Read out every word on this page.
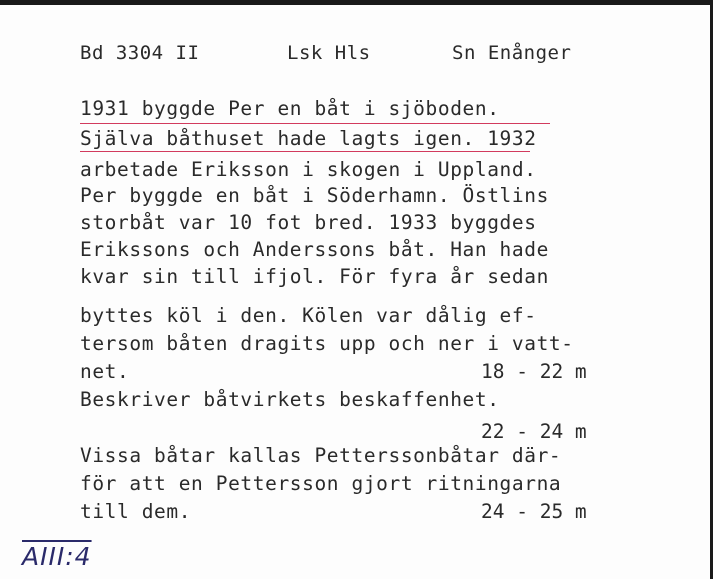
Bd 3304 II	Lsk Hls	Sn Enånger
1931 byggde Per en båt i sjöboden.
Själva båthuset hade lagts igen. 1932
arbetade Eriksson i skogen i Uppland.
Per byggde en båt i Söderhamn. Östlins
storbåt var 10 fot bred. 1933 byggdes
Erikssons och Anderssons båt. Han hade
kvar sin till ifjol. För fyra år sedan
byttes köl i den. Kölen var dålig ef-
tersom båten dragits upp och ner i vatt-
net.	18 - 22 m
Beskriver båtvirkets beskaffenhet.
22 - 24 m
Vissa båtar kallas Petterssonbåtar där-
för att en Pettersson gjort ritningarna
till dem.	24 - 25 m
AIII:4
